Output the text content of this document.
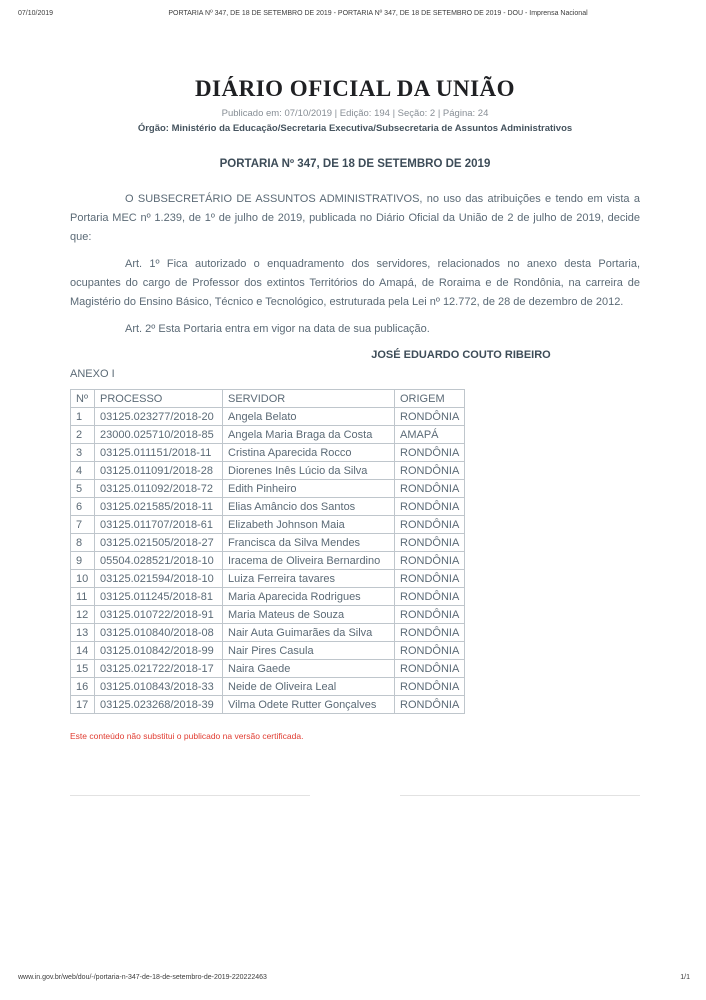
07/10/2019	PORTARIA Nº 347, DE 18 DE SETEMBRO DE 2019 - PORTARIA Nº 347, DE 18 DE SETEMBRO DE 2019 - DOU - Imprensa Nacional
DIÁRIO OFICIAL DA UNIÃO
Publicado em: 07/10/2019 | Edição: 194 | Seção: 2 | Página: 24
Órgão: Ministério da Educação/Secretaria Executiva/Subsecretaria de Assuntos Administrativos
PORTARIA Nº 347, DE 18 DE SETEMBRO DE 2019

O SUBSECRETÁRIO DE ASSUNTOS ADMINISTRATIVOS, no uso das atribuições e tendo em vista a Portaria MEC nº 1.239, de 1º de julho de 2019, publicada no Diário Oficial da União de 2 de julho de 2019, decide que:

Art. 1º Fica autorizado o enquadramento dos servidores, relacionados no anexo desta Portaria, ocupantes do cargo de Professor dos extintos Territórios do Amapá, de Roraima e de Rondônia, na carreira de Magistério do Ensino Básico, Técnico e Tecnológico, estruturada pela Lei nº 12.772, de 28 de dezembro de 2012.

Art. 2º Esta Portaria entra em vigor na data de sua publicação.

JOSÉ EDUARDO COUTO RIBEIRO
ANEXO I
Nº	PROCESSO	SERVIDOR	ORIGEM
1	03125.023277/2018-20	Angela Belato	RONDÔNIA
2	23000.025710/2018-85	Angela Maria Braga da Costa	AMAPÁ
3	03125.011151/2018-11	Cristina Aparecida Rocco	RONDÔNIA
4	03125.011091/2018-28	Diorenes Inês Lúcio da Silva	RONDÔNIA
5	03125.011092/2018-72	Edith Pinheiro	RONDÔNIA
6	03125.021585/2018-11	Elias Amâncio dos Santos	RONDÔNIA
7	03125.011707/2018-61	Elizabeth Johnson Maia	RONDÔNIA
8	03125.021505/2018-27	Francisca da Silva Mendes	RONDÔNIA
9	05504.028521/2018-10	Iracema de Oliveira Bernardino	RONDÔNIA
10	03125.021594/2018-10	Luiza Ferreira tavares	RONDÔNIA
11	03125.011245/2018-81	Maria Aparecida Rodrigues	RONDÔNIA
12	03125.010722/2018-91	Maria Mateus de Souza	RONDÔNIA
13	03125.010840/2018-08	Nair Auta Guimarães da Silva	RONDÔNIA
14	03125.010842/2018-99	Nair Pires Casula	RONDÔNIA
15	03125.021722/2018-17	Naira Gaede	RONDÔNIA
16	03125.010843/2018-33	Neide de Oliveira Leal	RONDÔNIA
17	03125.023268/2018-39	Vilma Odete Rutter Gonçalves	RONDÔNIA
Este conteúdo não substitui o publicado na versão certificada.
www.in.gov.br/web/dou/-/portaria-n-347-de-18-de-setembro-de-2019-220222463	1/1
